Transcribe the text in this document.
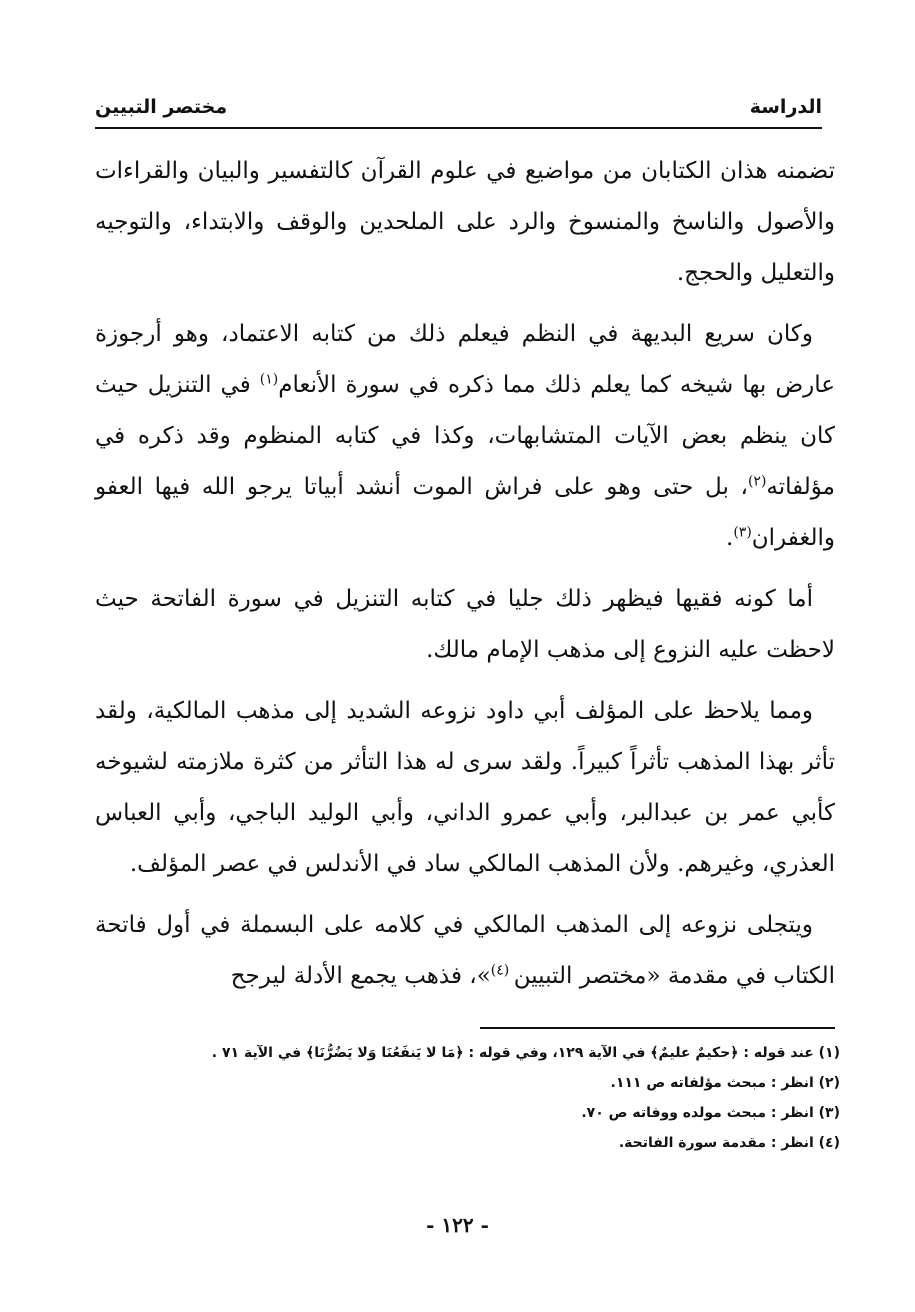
الدراسة
مختصر التبيين

تضمنه هذان الكتابان من مواضيع في علوم القرآن كالتفسير والبيان والقراءات والأصول والناسخ والمنسوخ والرد على الملحدين والوقف والابتداء، والتوجيه والتعليل والحجج.

وكان سريع البديهة في النظم فيعلم ذلك من كتابه الاعتماد، وهو أرجوزة عارض بها شيخه كما يعلم ذلك مما ذكره في سورة الأنعام$^{(١)}$ في التنزيل حيث كان ينظم بعض الآيات المتشابهات، وكذا في كتابه المنظوم وقد ذكره في مؤلفاته$^{(٢)}$، بل حتى وهو على فراش الموت أنشد أبياتا يرجو الله فيها العفو والغفران$^{(٣)}$.

أما كونه فقيها فيظهر ذلك جليا في كتابه التنزيل في سورة الفاتحة حيث لاحظت عليه النزوع إلى مذهب الإمام مالك.

ومما يلاحظ على المؤلف أبي داود نزوعه الشديد إلى مذهب المالكية، ولقد تأثر بهذا المذهب تأثراً كبيراً. ولقد سرى له هذا التأثر من كثرة ملازمته لشيوخه كأبي عمر بن عبدالبر، وأبي عمرو الداني، وأبي الوليد الباجي، وأبي العباس العذري، وغيرهم. ولأن المذهب المالكي ساد في الأندلس في عصر المؤلف.

ويتجلى نزوعه إلى المذهب المالكي في كلامه على البسملة في أول فاتحة الكتاب في مقدمة «مختصر التبيين $^{(٤)}$»، فذهب يجمع الأدلة ليرجح

(١) عند قوله : ﴿حكيمٌ عليمٌ﴾ في الآية ١٢٩، وفي قوله : ﴿مَا لا يَنفَعُنَا وَلا يَضُرُّنَا﴾ في الآية ٧١ .

(٢) انظر : مبحث مؤلفاته ص ١١١.

(٣) انظر : مبحث مولده ووفاته ص ٧٠.

(٤) انظر : مقدمة سورة الفاتحة.

- ١٢٢ -
